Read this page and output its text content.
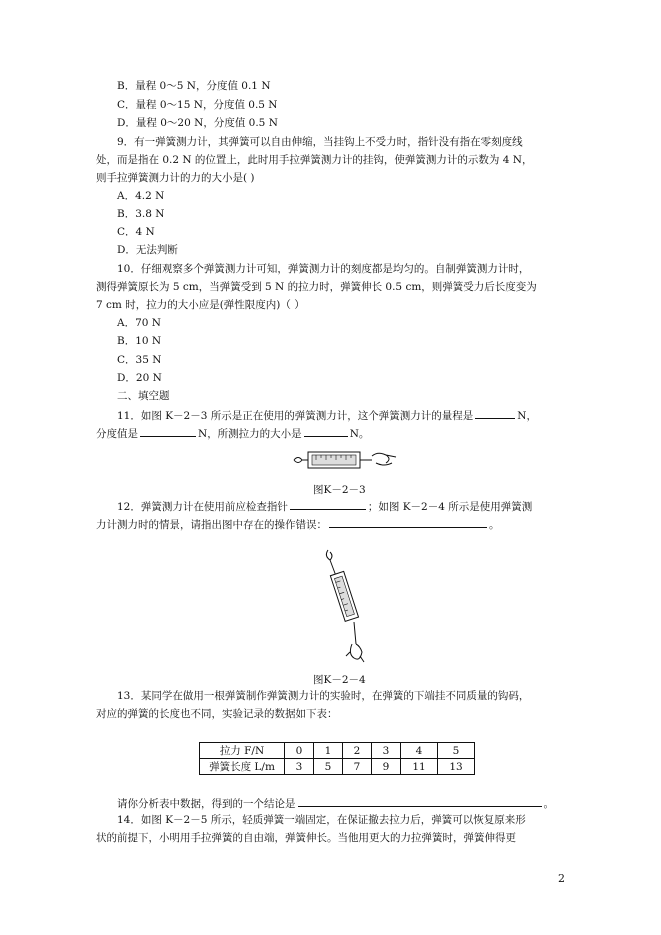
B．量程 0～5 N，分度值 0.1 N
C．量程 0～15 N，分度值 0.5 N
D．量程 0～20 N，分度值 0.5 N
9．有一弹簧测力计，其弹簧可以自由伸缩，当挂钩上不受力时，指针没有指在零刻度线
处，而是指在 0.2 N 的位置上，此时用手拉弹簧测力计的挂钩，使弹簧测力计的示数为 4 N，
则手拉弹簧测力计的力的大小是( )
A．4.2 N
B．3.8 N
C．4 N
D．无法判断
10．仔细观察多个弹簧测力计可知，弹簧测力计的刻度都是均匀的。自制弹簧测力计时，
测得弹簧原长为 5 cm，当弹簧受到 5 N 的拉力时，弹簧伸长 0.5 cm，则弹簧受力后长度变为
7 cm 时，拉力的大小应是(弹性限度内)（ ）
A．70 N
B．10 N
C．35 N
D．20 N
二、填空题
11．如图 K－2－3 所示是正在使用的弹簧测力计，这个弹簧测力计的量程是	N，
分度值是	N，所测拉力的大小是	N。
图K－2－3
12．弹簧测力计在使用前应检查指针	；如图 K－2－4 所示是使用弹簧测
力计测力时的情景，请指出图中存在的操作错误：	。
图K－2－4
13．某同学在做用一根弹簧制作弹簧测力计的实验时，在弹簧的下端挂不同质量的钩码，
对应的弹簧的长度也不同，实验记录的数据如下表：
拉力 F/N	0	1	2	3	4	5
弹簧长度 L/m	3	5	7	9	11	13
请你分析表中数据，得到的一个结论是	。
14．如图 K－2－5 所示，轻质弹簧一端固定，在保证撤去拉力后，弹簧可以恢复原来形
状的前提下，小明用手拉弹簧的自由端，弹簧伸长。当他用更大的力拉弹簧时，弹簧伸得更
2
